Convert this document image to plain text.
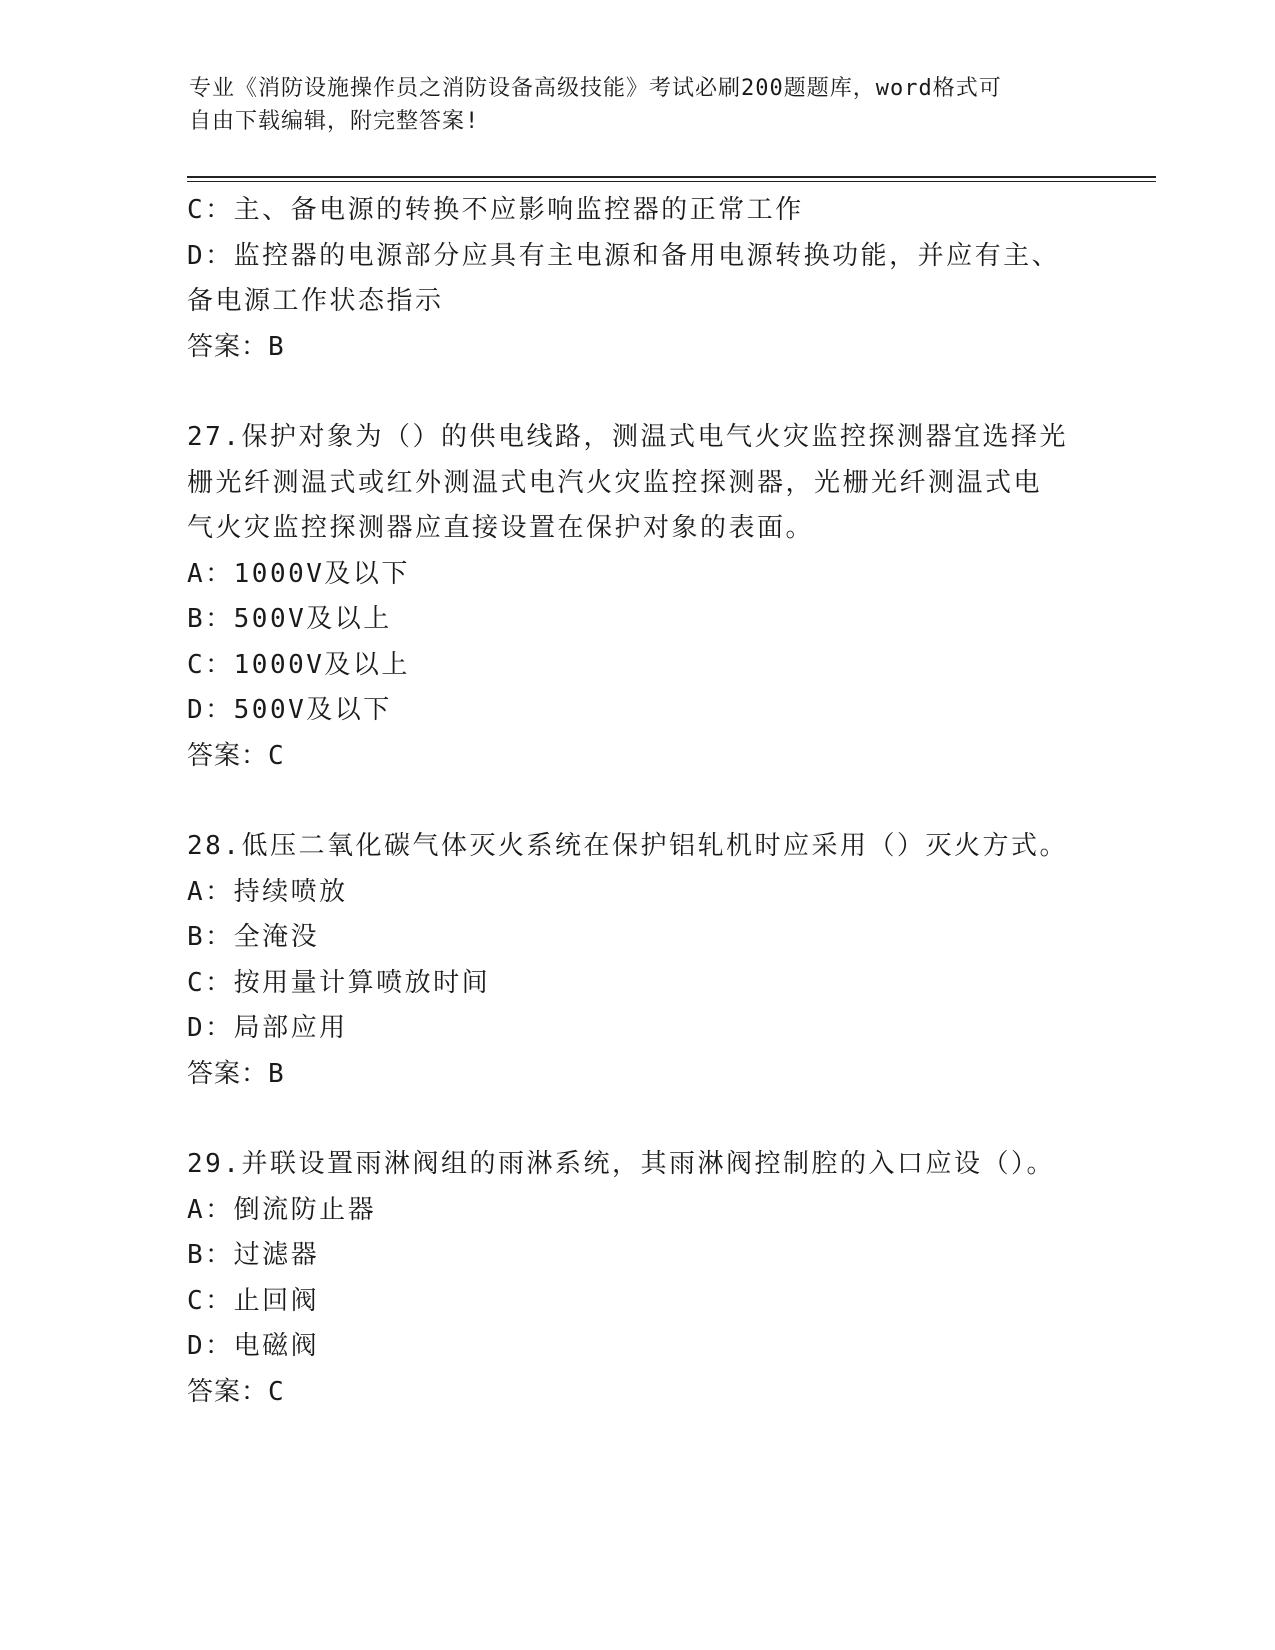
专业《消防设施操作员之消防设备高级技能》考试必刷200题题库，word格式可
自由下载编辑，附完整答案!
C：主、备电源的转换不应影响监控器的正常工作
D：监控器的电源部分应具有主电源和备用电源转换功能，并应有主、
备电源工作状态指示
答案：B
27.保护对象为（）的供电线路，测温式电气火灾监控探测器宜选择光
栅光纤测温式或红外测温式电汽火灾监控探测器，光栅光纤测温式电
气火灾监控探测器应直接设置在保护对象的表面。
A：1000V及以下
B：500V及以上
C：1000V及以上
D：500V及以下
答案：C
28.低压二氧化碳气体灭火系统在保护铝轧机时应采用（）灭火方式。
A：持续喷放
B：全淹没
C：按用量计算喷放时间
D：局部应用
答案：B
29.并联设置雨淋阀组的雨淋系统，其雨淋阀控制腔的入口应设（）。
A：倒流防止器
B：过滤器
C：止回阀
D：电磁阀
答案：C
